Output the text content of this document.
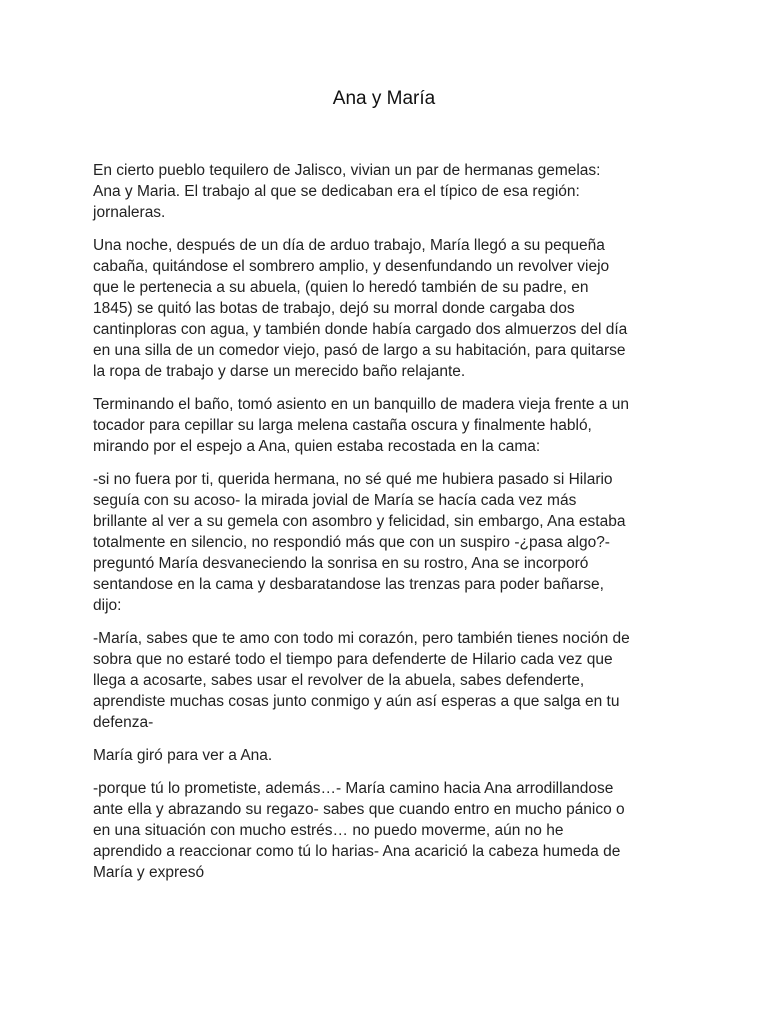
Ana y María

En cierto pueblo tequilero de Jalisco, vivian un par de hermanas gemelas:
Ana y Maria. El trabajo al que se dedicaban era el típico de esa región:
jornaleras.

Una noche, después de un día de arduo trabajo, María llegó a su pequeña
cabaña, quitándose el sombrero amplio, y desenfundando un revolver viejo
que le pertenecia a su abuela, (quien lo heredó también de su padre, en
1845) se quitó las botas de trabajo, dejó su morral donde cargaba dos
cantinploras con agua, y también donde había cargado dos almuerzos del día
en una silla de un comedor viejo, pasó de largo a su habitación, para quitarse
la ropa de trabajo y darse un merecido baño relajante.

Terminando el baño, tomó asiento en un banquillo de madera vieja frente a un
tocador para cepillar su larga melena castaña oscura y finalmente habló,
mirando por el espejo a Ana, quien estaba recostada en la cama:

-si no fuera por ti, querida hermana, no sé qué me hubiera pasado si Hilario
seguía con su acoso- la mirada jovial de María se hacía cada vez más
brillante al ver a su gemela con asombro y felicidad, sin embargo, Ana estaba
totalmente en silencio, no respondió más que con un suspiro -¿pasa algo?-
preguntó María desvaneciendo la sonrisa en su rostro, Ana se incorporó
sentandose en la cama y desbaratandose las trenzas para poder bañarse,
dijo:

-María, sabes que te amo con todo mi corazón, pero también tienes noción de
sobra que no estaré todo el tiempo para defenderte de Hilario cada vez que
llega a acosarte, sabes usar el revolver de la abuela, sabes defenderte,
aprendiste muchas cosas junto conmigo y aún así esperas a que salga en tu
defenza-

María giró para ver a Ana.

-porque tú lo prometiste, además…- María camino hacia Ana arrodillandose
ante ella y abrazando su regazo- sabes que cuando entro en mucho pánico o
en una situación con mucho estrés… no puedo moverme, aún no he
aprendido a reaccionar como tú lo harias- Ana acarició la cabeza humeda de
María y expresó
